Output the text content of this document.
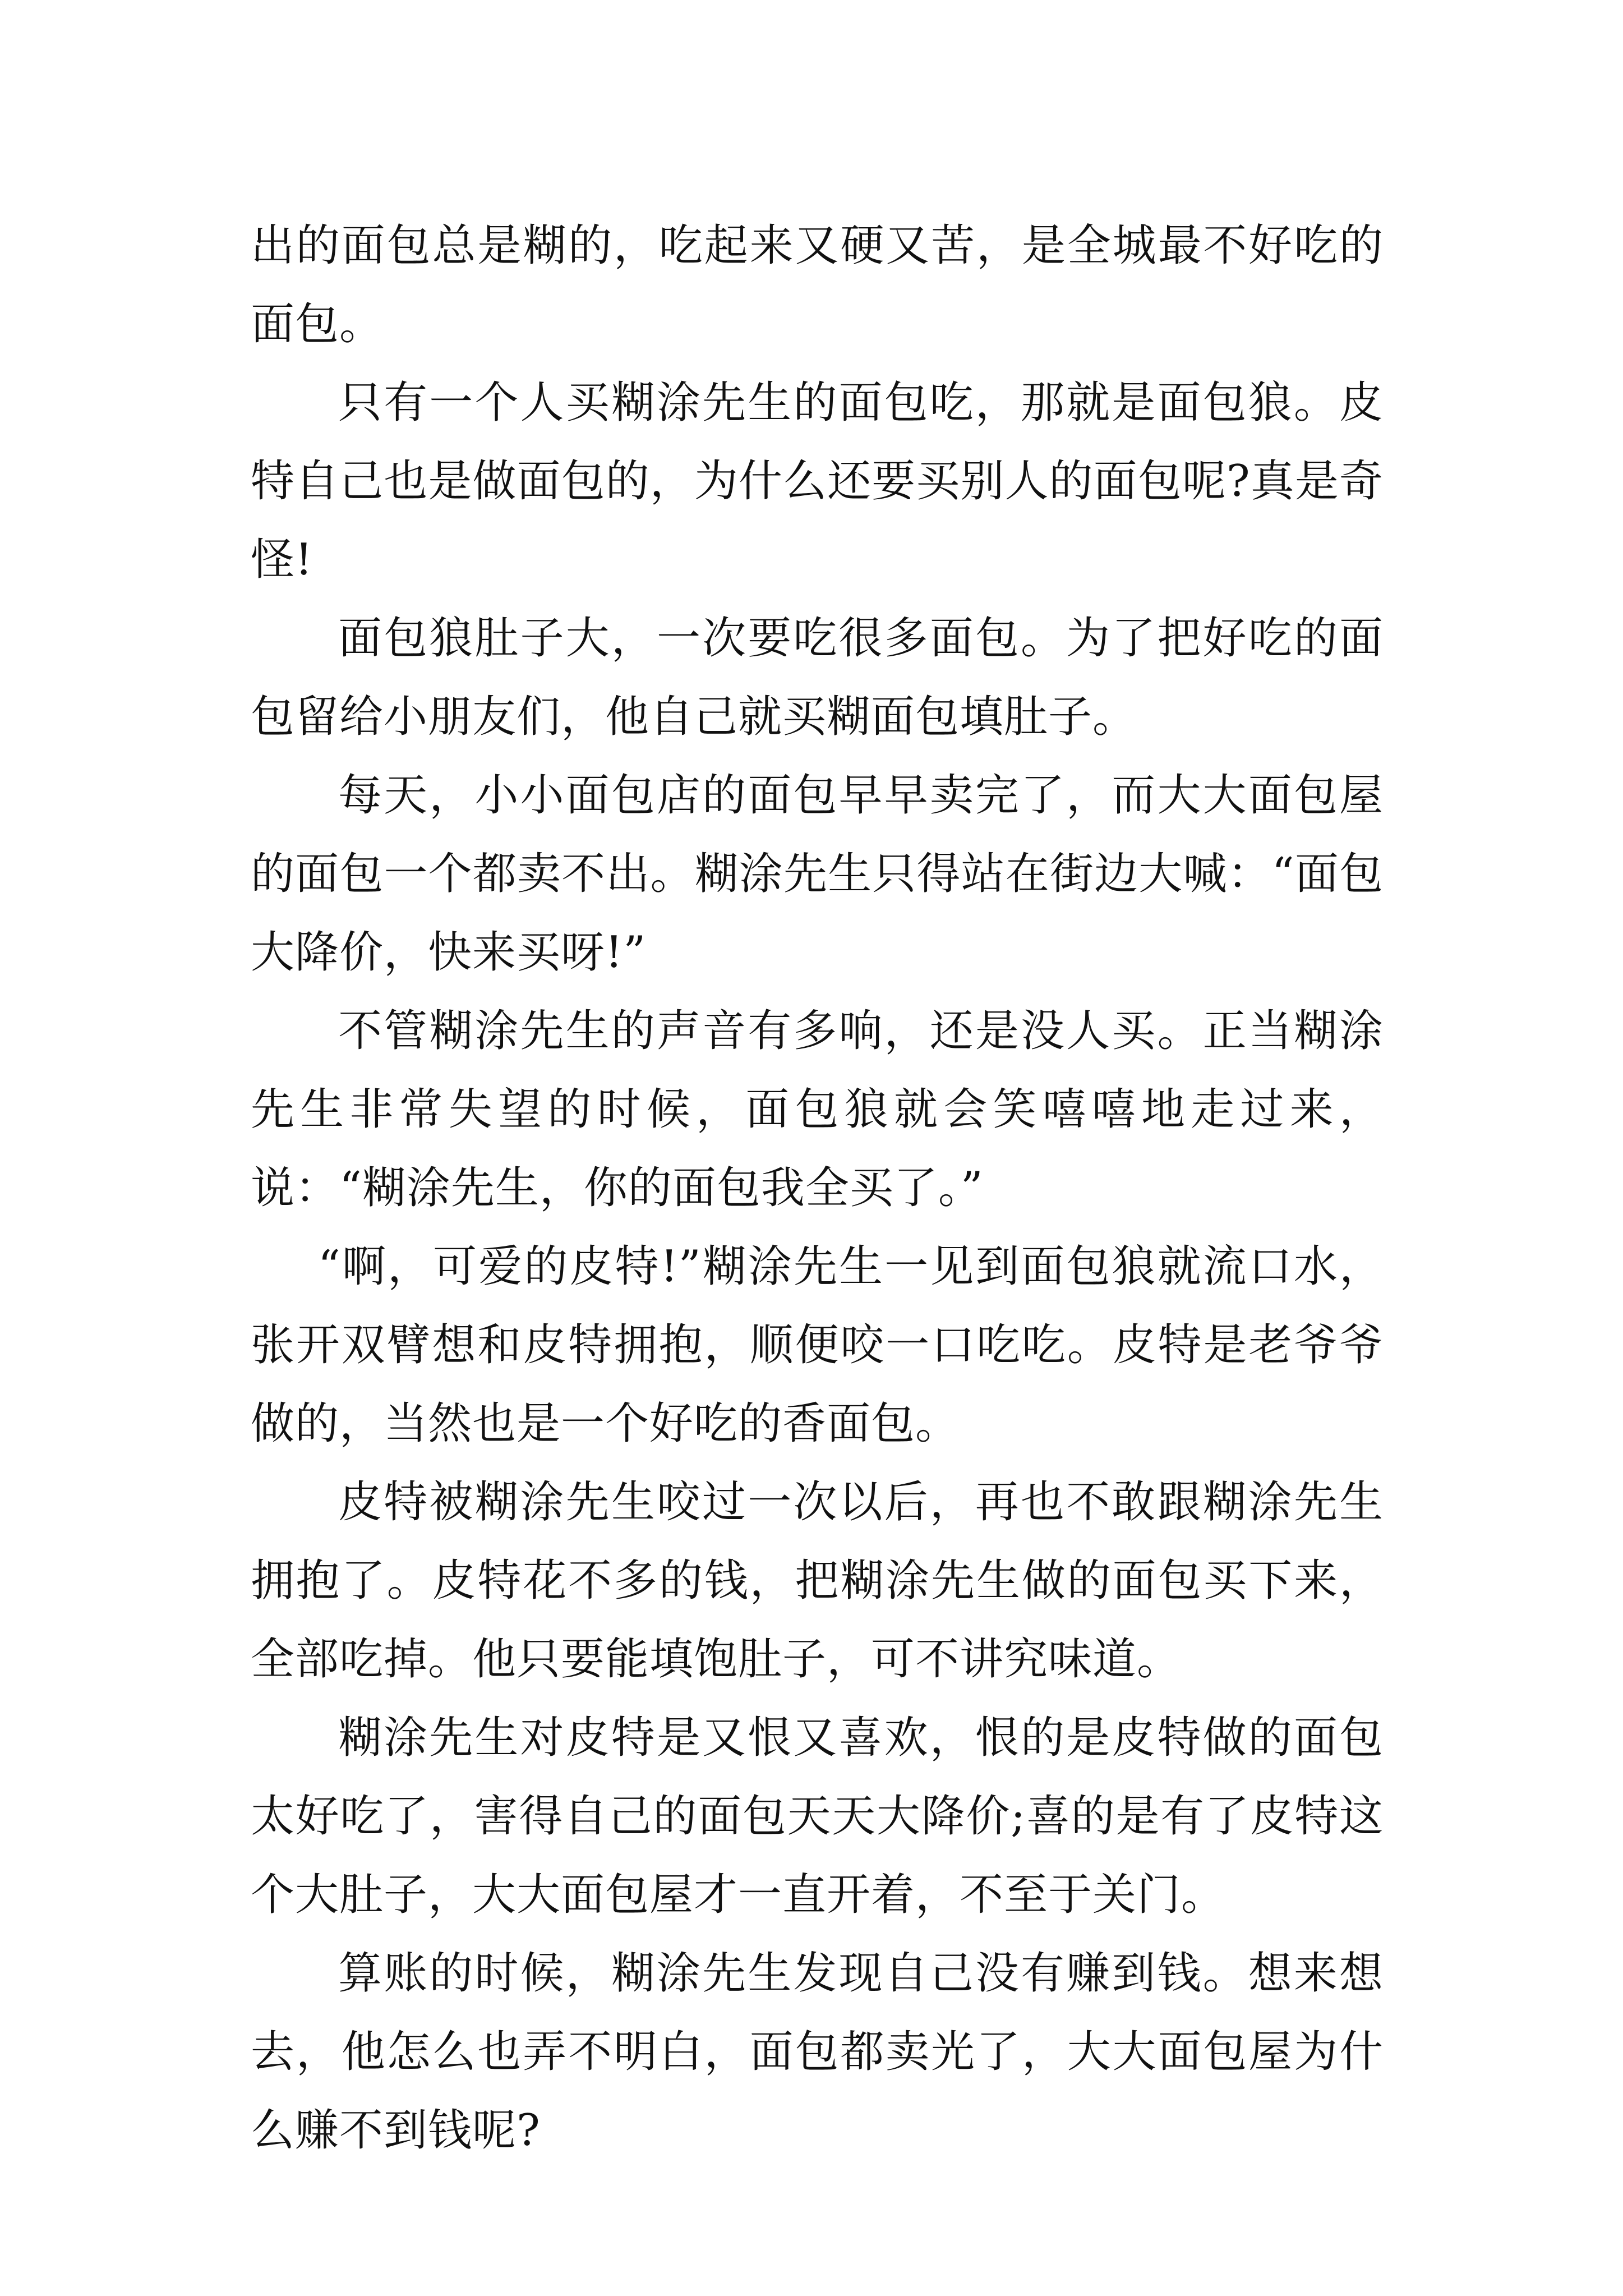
出的面包总是糊的，吃起来又硬又苦，是全城最不好吃的面包。

只有一个人买糊涂先生的面包吃，那就是面包狼。皮特自己也是做面包的，为什么还要买别人的面包呢?真是奇怪!

面包狼肚子大，一次要吃很多面包。为了把好吃的面包留给小朋友们，他自己就买糊面包填肚子。

每天，小小面包店的面包早早卖完了，而大大面包屋的面包一个都卖不出。糊涂先生只得站在街边大喊：“面包大降价，快来买呀!”

不管糊涂先生的声音有多响，还是没人买。正当糊涂先生非常失望的时候，面包狼就会笑嘻嘻地走过来，说：“糊涂先生，你的面包我全买了。”

“啊，可爱的皮特!”糊涂先生一见到面包狼就流口水，张开双臂想和皮特拥抱，顺便咬一口吃吃。皮特是老爷爷做的，当然也是一个好吃的香面包。

皮特被糊涂先生咬过一次以后，再也不敢跟糊涂先生拥抱了。皮特花不多的钱，把糊涂先生做的面包买下来，全部吃掉。他只要能填饱肚子，可不讲究味道。

糊涂先生对皮特是又恨又喜欢，恨的是皮特做的面包太好吃了，害得自己的面包天天大降价;喜的是有了皮特这个大肚子，大大面包屋才一直开着，不至于关门。

算账的时候，糊涂先生发现自己没有赚到钱。想来想去，他怎么也弄不明白，面包都卖光了，大大面包屋为什么赚不到钱呢?
